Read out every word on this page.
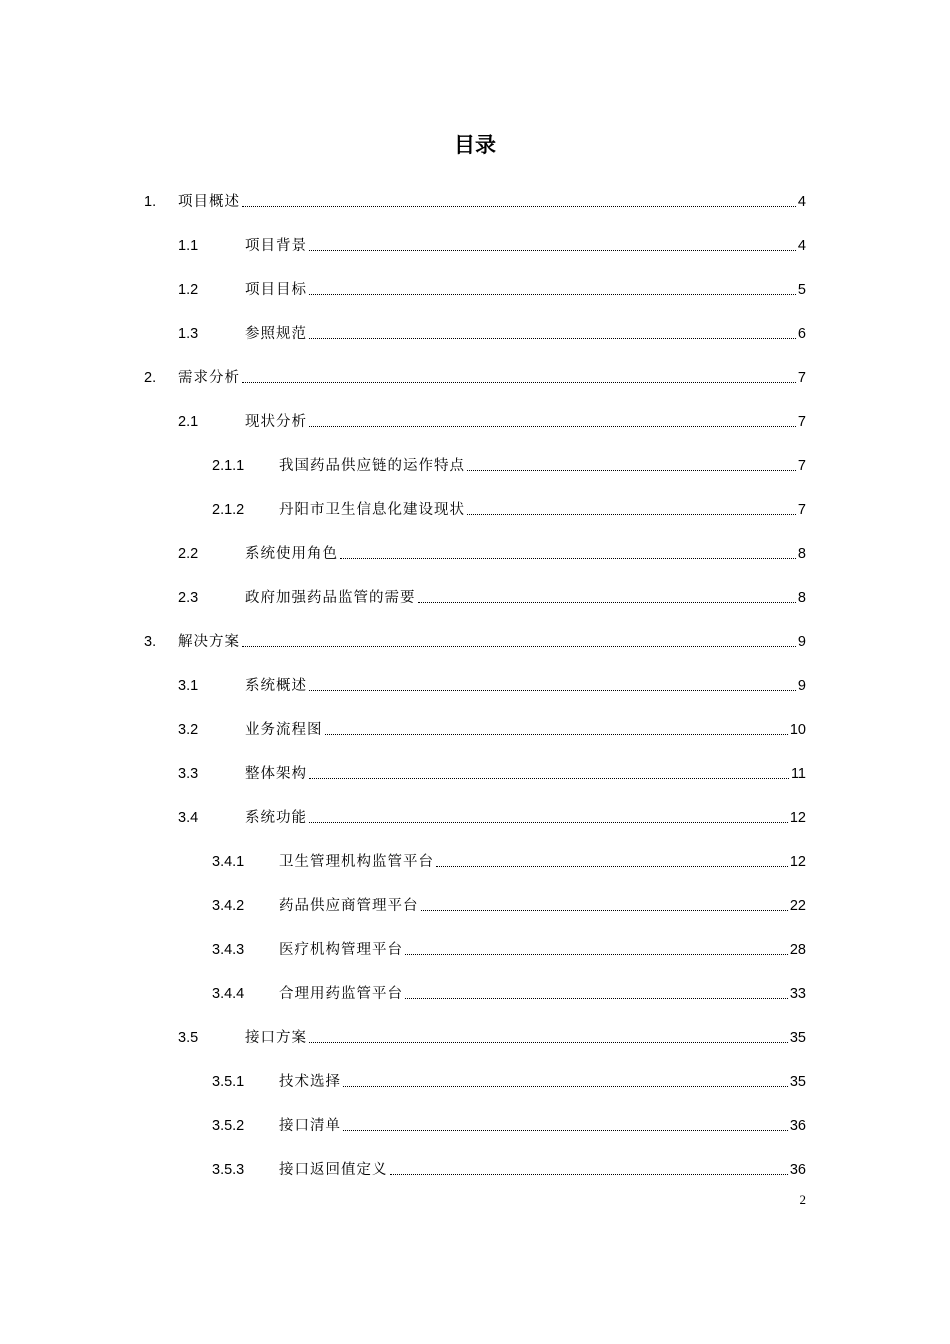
目录
1.	项目概述	4
1.1	项目背景	4
1.2	项目目标	5
1.3	参照规范	6
2.	需求分析	7
2.1	现状分析	7
2.1.1	我国药品供应链的运作特点	7
2.1.2	丹阳市卫生信息化建设现状	7
2.2	系统使用角色	8
2.3	政府加强药品监管的需要	8
3.	解决方案	9
3.1	系统概述	9
3.2	业务流程图	10
3.3	整体架构	11
3.4	系统功能	12
3.4.1	卫生管理机构监管平台	12
3.4.2	药品供应商管理平台	22
3.4.3	医疗机构管理平台	28
3.4.4	合理用药监管平台	33
3.5	接口方案	35
3.5.1	技术选择	35
3.5.2	接口清单	36
3.5.3	接口返回值定义	36
2
